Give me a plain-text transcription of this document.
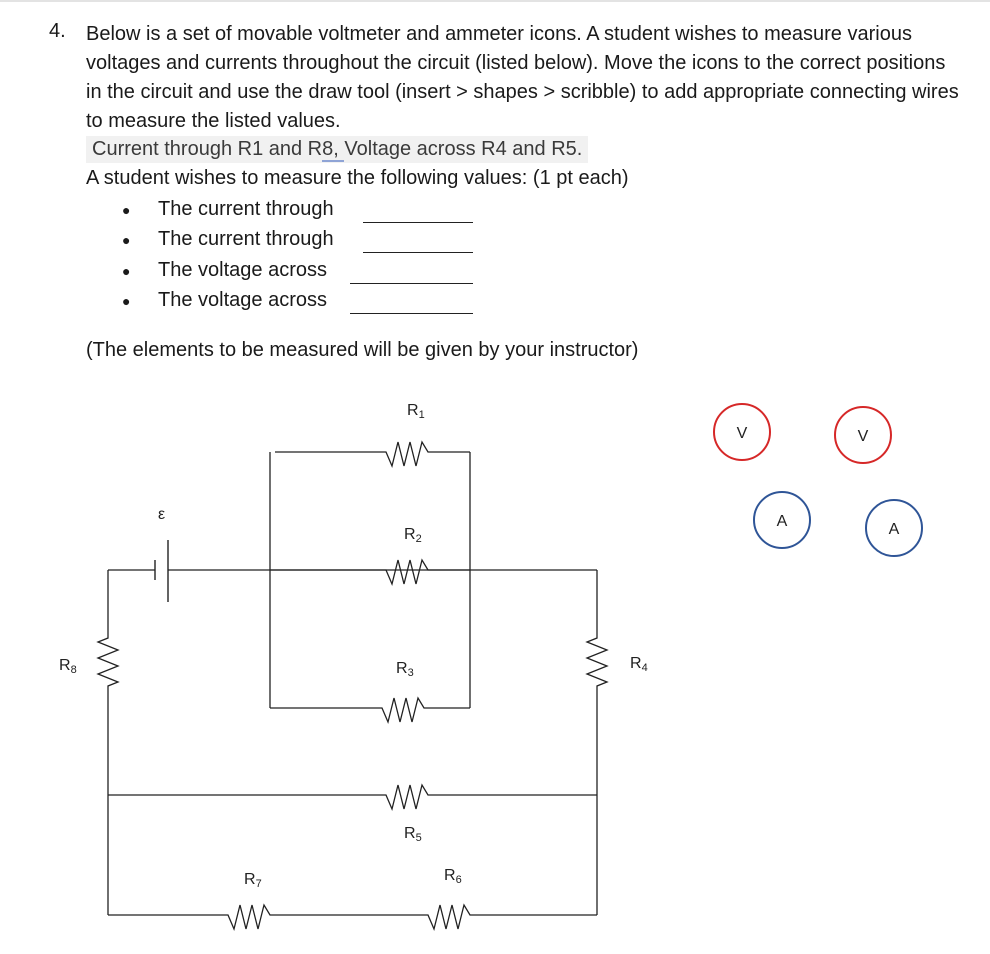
4. Below is a set of movable voltmeter and ammeter icons. A student wishes to measure various voltages and currents throughout the circuit (listed below). Move the icons to the correct positions in the circuit and use the draw tool (insert > shapes > scribble) to add appropriate connecting wires to measure the listed values.
Current through R1 and R8, Voltage across R4 and R5.
A student wishes to measure the following values: (1 pt each)
● The current through
● The current through
● The voltage across
● The voltage across
(The elements to be measured will be given by your instructor)
ε
R1
R2
R3
R4
R5
R6
R7
R8
V	V
A	A
